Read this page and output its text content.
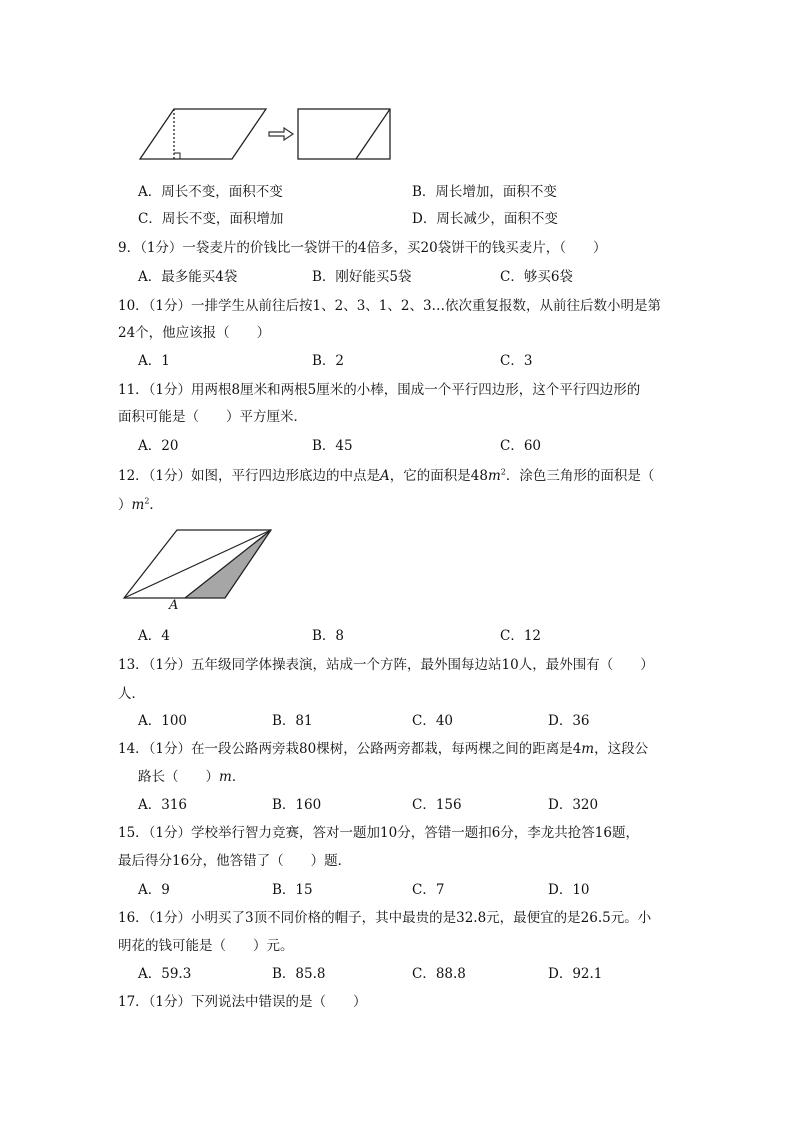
A．周长不变，面积不变	B．周长增加，面积不变
C．周长不变，面积增加	D．周长减少，面积不变
9．（1分）一袋麦片的价钱比一袋饼干的4倍多，买20袋饼干的钱买麦片，（　　）
A．最多能买4袋	B．刚好能买5袋	C．够买6袋
10．（1分）一排学生从前往后按1、2、3、1、2、3…依次重复报数，从前往后数小明是第
24个，他应该报（　　）
A．1	B．2	C．3
11．（1分）用两根8厘米和两根5厘米的小棒，围成一个平行四边形，这个平行四边形的
面积可能是（　　）平方厘米．
A．20	B．45	C．60
12．（1分）如图，平行四边形底边的中点是A，它的面积是$48m^2$．涂色三角形的面积是（
）$m^2$．
A
A．4	B．8	C．12
13．（1分）五年级同学体操表演，站成一个方阵，最外围每边站10人，最外围有（　　）
人．
A．100	B．81	C．40	D．36
14．（1分）在一段公路两旁栽80棵树，公路两旁都栽，每两棵之间的距离是4m，这段公
路长（　　）m．
A．316	B．160	C．156	D．320
15．（1分）学校举行智力竞赛，答对一题加10分，答错一题扣6分，李龙共抢答16题，
最后得分16分，他答错了（　　）题．
A．9	B．15	C．7	D．10
16．（1分）小明买了3顶不同价格的帽子，其中最贵的是32.8元，最便宜的是26.5元。小
明花的钱可能是（　　）元。
A．59.3	B．85.8	C．88.8	D．92.1
17．（1分）下列说法中错误的是（　　）
